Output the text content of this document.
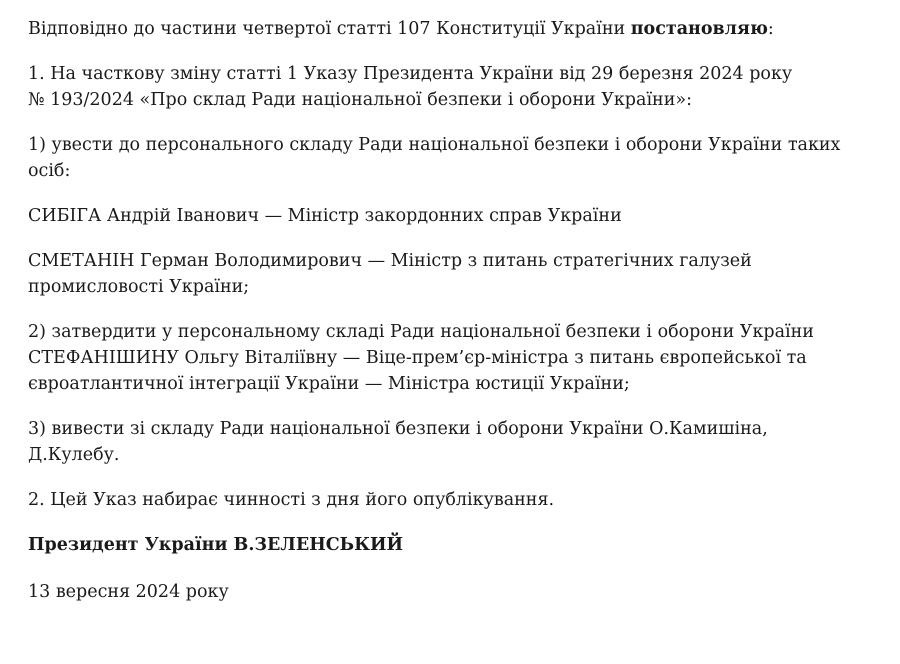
Відповідно до частини четвертої статті 107 Конституції України постановляю:

1. На часткову зміну статті 1 Указу Президента України від 29 березня 2024 року

№ 193/2024 «Про склад Ради національної безпеки і оборони України»:

1) увести до персонального складу Ради національної безпеки і оборони України таких

осіб:

СИБІГА Андрій Іванович — Міністр закордонних справ України

СМЕТАНІН Герман Володимирович — Міністр з питань стратегічних галузей

промисловості України;

2) затвердити у персональному складі Ради національної безпеки і оборони України

СТЕФАНІШИНУ Ольгу Віталіївну — Віце-прем’єр-міністра з питань європейської та

євроатлантичної інтеграції України — Міністра юстиції України;

3) вивести зі складу Ради національної безпеки і оборони України О.Камишіна,

Д.Кулебу.

2. Цей Указ набирає чинності з дня його опублікування.

Президент України В.ЗЕЛЕНСЬКИЙ

13 вересня 2024 року
